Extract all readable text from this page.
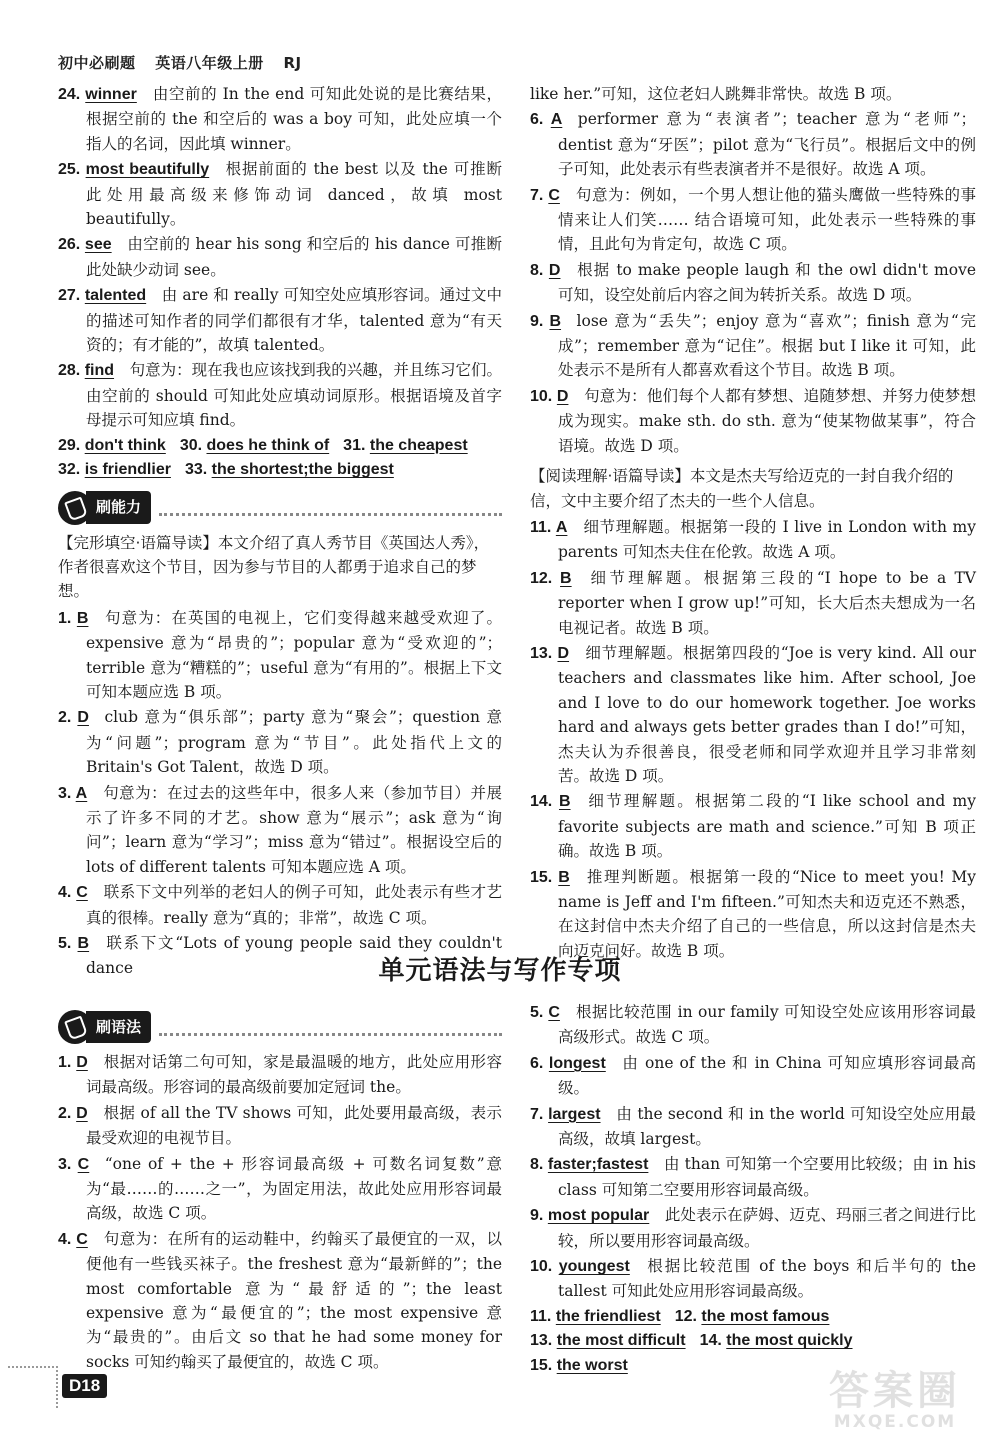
初中必刷题 英语八年级上册 RJ

24. winner 由空前的 In the end 可知此处说的是比赛结果，根据空前的 the 和空后的 was a boy 可知，此处应填一个指人的名词，因此填 winner。

25. most beautifully 根据前面的 the best 以及 the 可推断此处用最高级来修饰动词 danced，故填 most beautifully。

26. see 由空前的 hear his song 和空后的 his dance 可推断此处缺少动词 see。

27. talented 由 are 和 really 可知空处应填形容词。通过文中的描述可知作者的同学们都很有才华，talented 意为“有天资的；有才能的”，故填 talented。

28. find 句意为：现在我也应该找到我的兴趣，并且练习它们。由空前的 should 可知此处应填动词原形。根据语境及首字母提示可知应填 find。

29. don't think 30. does he think of 31. the cheapest
32. is friendlier 33. the shortest;the biggest
刷能力

【完形填空·语篇导读】本文介绍了真人秀节目《英国达人秀》，作者很喜欢这个节目，因为参与节目的人都勇于追求自己的梦想。

1. B 句意为：在英国的电视上，它们变得越来越受欢迎了。expensive 意为“昂贵的”；popular 意为“受欢迎的”；terrible 意为“糟糕的”；useful 意为“有用的”。根据上下文可知本题应选 B 项。

2. D club 意为“俱乐部”；party 意为“聚会”；question 意为“问题”；program 意为“节目”。此处指代上文的 Britain's Got Talent，故选 D 项。

3. A 句意为：在过去的这些年中，很多人来（参加节目）并展示了许多不同的才艺。show 意为“展示”；ask 意为“询问”；learn 意为“学习”；miss 意为“错过”。根据设空后的 lots of different talents 可知本题应选 A 项。

4. C 联系下文中列举的老妇人的例子可知，此处表示有些才艺真的很棒。really 意为“真的；非常”，故选 C 项。

5. B 联系下文“Lots of young people said they couldn't dance

like her.”可知，这位老妇人跳舞非常快。故选 B 项。

6. A performer 意为“表演者”；teacher 意为“老师”；dentist 意为“牙医”；pilot 意为“飞行员”。根据后文中的例子可知，此处表示有些表演者并不是很好。故选 A 项。

7. C 句意为：例如，一个男人想让他的猫头鹰做一些特殊的事情来让人们笑…… 结合语境可知，此处表示一些特殊的事情，且此句为肯定句，故选 C 项。

8. D 根据 to make people laugh 和 the owl didn't move 可知，设空处前后内容之间为转折关系。故选 D 项。

9. B lose 意为“丢失”；enjoy 意为“喜欢”；finish 意为“完成”；remember 意为“记住”。根据 but I like it 可知，此处表示不是所有人都喜欢看这个节目。故选 B 项。

10. D 句意为：他们每个人都有梦想、追随梦想、并努力使梦想成为现实。make sth. do sth. 意为“使某物做某事”，符合语境。故选 D 项。

【阅读理解·语篇导读】本文是杰夫写给迈克的一封自我介绍的信，文中主要介绍了杰夫的一些个人信息。

11. A 细节理解题。根据第一段的 I live in London with my parents 可知杰夫住在伦敦。故选 A 项。

12. B 细节理解题。根据第三段的“I hope to be a TV reporter when I grow up!”可知，长大后杰夫想成为一名电视记者。故选 B 项。

13. D 细节理解题。根据第四段的“Joe is very kind. All our teachers and classmates like him. After school, Joe and I love to do our homework together. Joe works hard and always gets better grades than I do!”可知，杰夫认为乔很善良，很受老师和同学欢迎并且学习非常刻苦。故选 D 项。

14. B 细节理解题。根据第二段的“I like school and my favorite subjects are math and science.”可知 B 项正确。故选 B 项。

15. B 推理判断题。根据第一段的“Nice to meet you! My name is Jeff and I'm fifteen.”可知杰夫和迈克还不熟悉，在这封信中杰夫介绍了自己的一些信息，所以这封信是杰夫向迈克问好。故选 B 项。

单元语法与写作专项
刷语法

1. D 根据对话第二句可知，家是最温暖的地方，此处应用形容词最高级。形容词的最高级前要加定冠词 the。

2. D 根据 of all the TV shows 可知，此处要用最高级，表示最受欢迎的电视节目。

3. C “one of + the + 形容词最高级 + 可数名词复数”意为“最……的……之一”，为固定用法，故此处应用形容词最高级，故选 C 项。

4. C 句意为：在所有的运动鞋中，约翰买了最便宜的一双，以便他有一些钱买袜子。the freshest 意为“最新鲜的”；the most comfortable 意为“最舒适的”；the least expensive 意为“最便宜的”；the most expensive 意为“最贵的”。由后文 so that he had some money for socks 可知约翰买了最便宜的，故选 C 项。

5. C 根据比较范围 in our family 可知设空处应该用形容词最高级形式。故选 C 项。

6. longest 由 one of the 和 in China 可知应填形容词最高级。

7. largest 由 the second 和 in the world 可知设空处应用最高级，故填 largest。

8. faster;fastest 由 than 可知第一个空要用比较级；由 in his class 可知第二空要用形容词最高级。

9. most popular 此处表示在萨姆、迈克、玛丽三者之间进行比较，所以要用形容词最高级。

10. youngest 根据比较范围 of the boys 和后半句的 the tallest 可知此处应用形容词最高级。

11. the friendliest 12. the most famous
13. the most difficult 14. the most quickly
15. the worst
D18	答案圈
MXQE.COM
